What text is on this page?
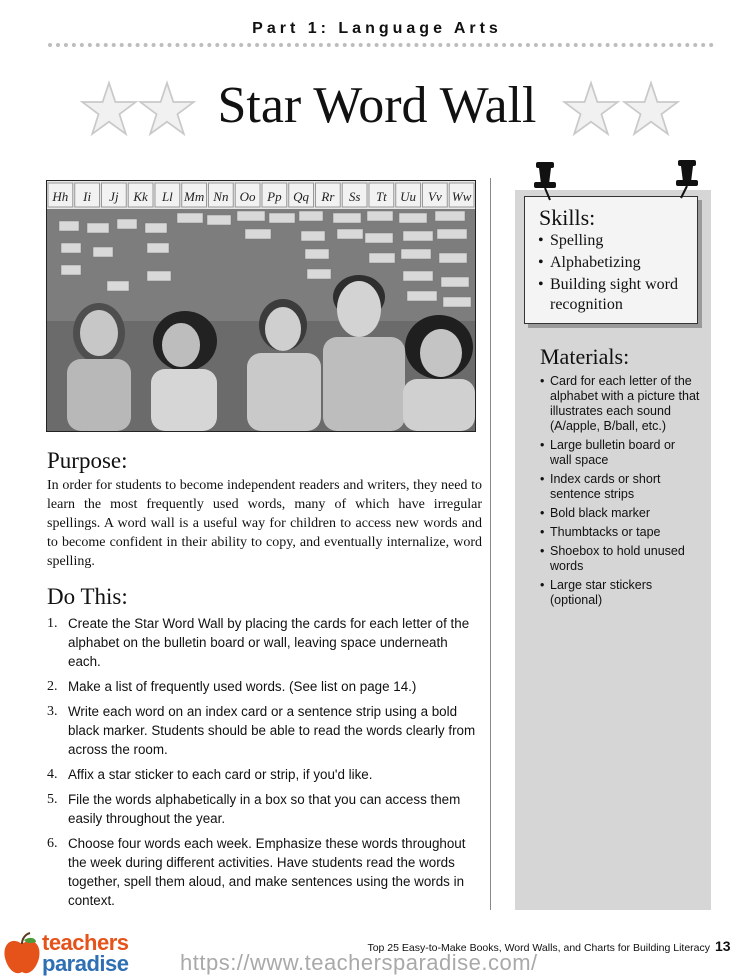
Part 1: Language Arts
Star Word Wall
Hh Ii Jj Kk Ll Mm Nn Oo Pp Qq Rr Ss Tt Uu Vv Ww
Skills:
• Spelling
• Alphabetizing
• Building sight word recognition
Materials:
• Card for each letter of the alphabet with a picture that illustrates each sound (A/apple, B/ball, etc.)
• Large bulletin board or wall space
• Index cards or short sentence strips
• Bold black marker
• Thumbtacks or tape
• Shoebox to hold unused words
• Large star stickers (optional)
Purpose:
In order for students to become independent readers and writers, they need to learn the most frequently used words, many of which have irregular spellings. A word wall is a useful way for children to access new words and to become confident in their ability to copy, and eventually internalize, word spelling.
Do This:
1. Create the Star Word Wall by placing the cards for each letter of the alphabet on the bulletin board or wall, leaving space underneath each.
2. Make a list of frequently used words. (See list on page 14.)
3. Write each word on an index card or a sentence strip using a bold black marker. Students should be able to read the words clearly from across the room.
4. Affix a star sticker to each card or strip, if you'd like.
5. File the words alphabetically in a box so that you can access them easily throughout the year.
6. Choose four words each week. Emphasize these words throughout the week during different activities. Have students read the words together, spell them aloud, and make sentences using the words in context.
Top 25 Easy-to-Make Books, Word Walls, and Charts for Building Literacy 13
teachers
paradise https://www.teachersparadise.com/
